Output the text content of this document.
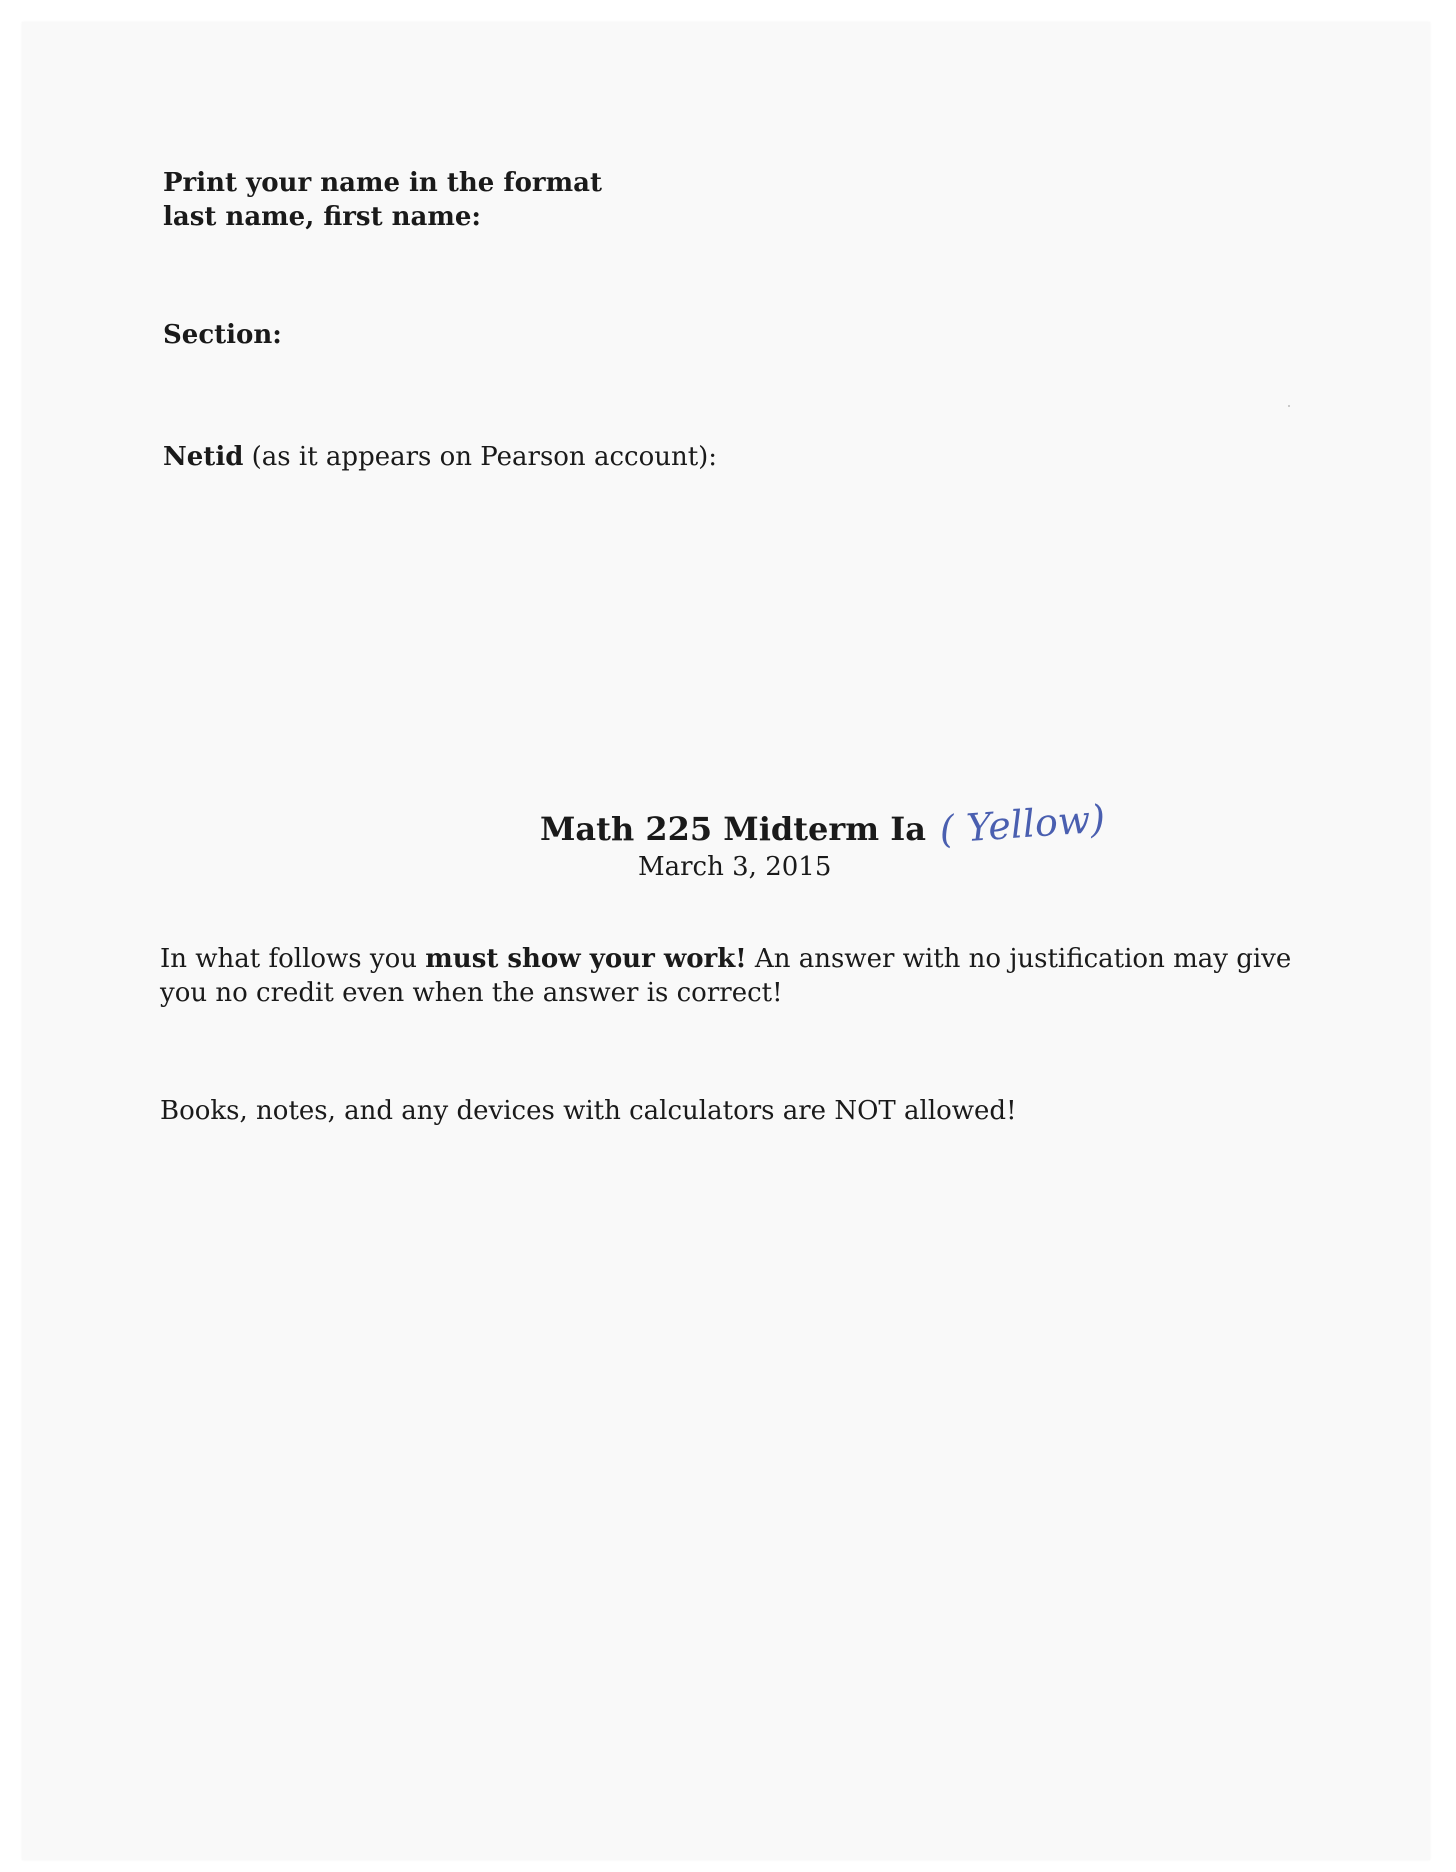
Print your name in the format
last name, first name:
Section:
Netid (as it appears on Pearson account):
Math 225 Midterm Ia
March 3, 2015
( Yellow)
In what follows you must show your work! An answer with no justification may give you no credit even when the answer is correct!
Books, notes, and any devices with calculators are NOT allowed!
